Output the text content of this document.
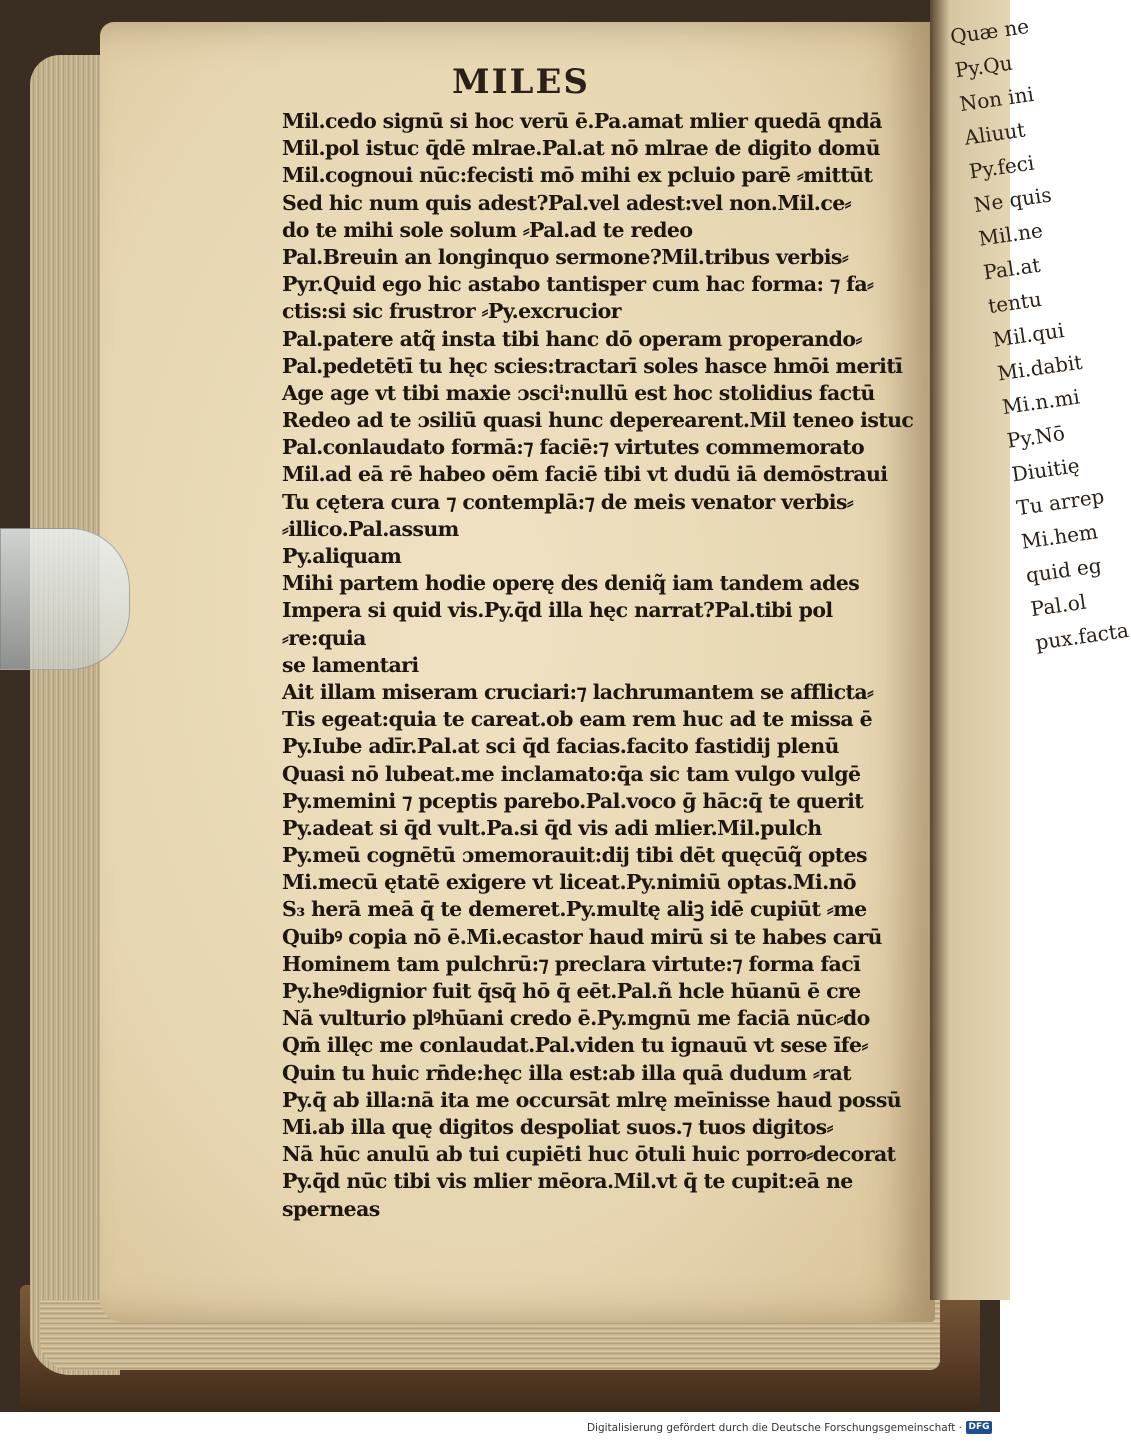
Quæ ne
Py.Qu
Non ini
Aliuut
Py.feci
Ne quis
Mil.ne
Pal.at
tentu
Mil.qui
Mi.dabit
Mi.n.mi
Py.Nō
Diuitię
Tu arrep
Mi.hem
quid eg
Pal.ol
pux.facta
MILES
Mil.cedo signū si hoc verū ē.Pa.amat mlier quedā qndā
Mil.pol istuc q̄dē mlrae.Pal.at nō mlrae de digito domū
Mil.cognoui nūc:fecisti mō mihi ex pcluio parē ⸗mittūt
Sed hic num quis adest?Pal.vel adest:vel non.Mil.ce⸗
do te mihi sole solum ⸗Pal.ad te redeo
Pal.Breuin an longinquo sermone?Mil.tribus verbis⸗
Pyr.Quid ego hic astabo tantisper cum hac forma: ⁊ fa⸗
ctis:si sic frustror ⸗Py.excrucior
Pal.patere atq̃ insta tibi hanc dō operam properando⸗
Pal.pedetētī tu hęc scies:tractarī soles hasce hmōi meritī
Age age vt tibi maxie ɔsciⁱ:nullū est hoc stolidius factū
Redeo ad te ɔsiliū quasi hunc deperearent.Mil teneo istuc
Pal.conlaudato formā:⁊ faciē:⁊ virtutes commemorato
Mil.ad eā rē habeo oēm faciē tibi vt dudū iā demōstraui
Tu cętera cura ⁊ contemplā:⁊ de meis venator verbis⸗
⸗illico.Pal.assum
Py.aliquam
Mihi partem hodie operę des deniq̃ iam tandem ades
Impera si quid vis.Py.q̄d illa hęc narrat?Pal.tibi pol
⸗re:quia
se lamentari
Ait illam miseram cruciari:⁊ lachrumantem se afflicta⸗
Tis egeat:quia te careat.ob eam rem huc ad te missa ē
Py.Iube adīr.Pal.at sci q̄d facias.facito fastidij plenū
Quasi nō lubeat.me inclamato:q̄a sic tam vulgo vulgē
Py.memini ⁊ pceptis parebo.Pal.voco ḡ hāc:q̄ te querit
Py.adeat si q̄d vult.Pa.si q̄d vis adi mlier.Mil.pulch
Py.meū cognētū ɔmemorauit:dij tibi dēt quęcūq̃ optes
Mi.mecū ętatē exigere vt liceat.Py.nimiū optas.Mi.nō
S₃ herā meā q̄ te demeret.Py.multę aliꝫ idē cupiūt ⸗me
Quibꝰ copia nō ē.Mi.ecastor haud mirū si te habes carū
Hominem tam pulchrū:⁊ preclara virtute:⁊ forma facī
Py.heꝰdignior fuit q̄sq̄ hō q̄ eēt.Pal.ñ hcle hūanū ē cre
Nā vulturio plꝰhūani credo ē.Py.mgnū me faciā nūc⸗do
Qm̄ illęc me conlaudat.Pal.viden tu ignauū vt sese īfe⸗
Quin tu huic rn̄de:hęc illa est:ab illa quā dudum ⸗rat
Py.q̄ ab illa:nā ita me occursāt mlrę meīnisse haud possū
Mi.ab illa quę digitos despoliat suos.⁊ tuos digitos⸗
Nā hūc anulū ab tui cupiēti huc ōtuli huic porro⸗decorat
Py.q̄d nūc tibi vis mlier mēora.Mil.vt q̄ te cupit:eā ne
sperneas
Digitalisierung gefördert durch die Deutsche Forschungsgemeinschaft · DFG
